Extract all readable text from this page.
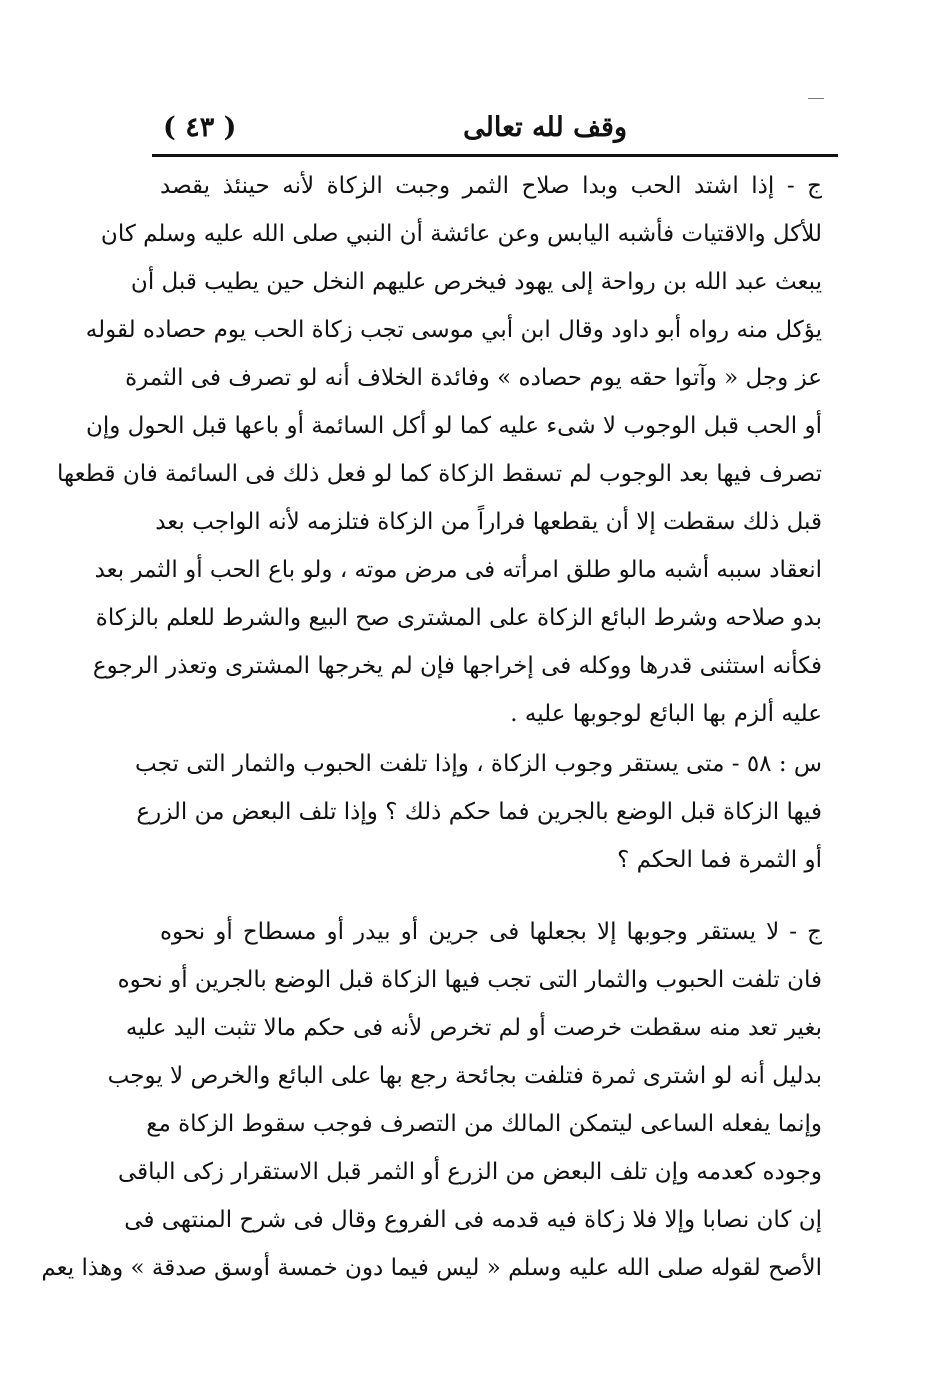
وقف لله تعالى
( ٤٣ )
ج - إذا اشتد الحب وبدا صلاح الثمر وجبت الزكاة لأنه حينئذ يقصد
للأكل والاقتيات فأشبه اليابس وعن عائشة أن النبي صلى الله عليه وسلم كان
يبعث عبد الله بن رواحة إلى يهود فيخرص عليهم النخل حين يطيب قبل أن
يؤكل منه رواه أبو داود وقال ابن أبي موسى تجب زكاة الحب يوم حصاده لقوله
عز وجل « وآتوا حقه يوم حصاده » وفائدة الخلاف أنه لو تصرف فى الثمرة
أو الحب قبل الوجوب لا شىء عليه كما لو أكل السائمة أو باعها قبل الحول وإن
تصرف فيها بعد الوجوب لم تسقط الزكاة كما لو فعل ذلك فى السائمة فان قطعها
قبل ذلك سقطت إلا أن يقطعها فراراً من الزكاة فتلزمه لأنه الواجب بعد
انعقاد سببه أشبه مالو طلق امرأته فى مرض موته ، ولو باع الحب أو الثمر بعد
بدو صلاحه وشرط البائع الزكاة على المشترى صح البيع والشرط للعلم بالزكاة
فكأنه استثنى قدرها ووكله فى إخراجها فإن لم يخرجها المشترى وتعذر الرجوع
عليه ألزم بها البائع لوجوبها عليه .
س : ٥٨ - متى يستقر وجوب الزكاة ، وإذا تلفت الحبوب والثمار التى تجب
فيها الزكاة قبل الوضع بالجرين فما حكم ذلك ؟ وإذا تلف البعض من الزرع
أو الثمرة فما الحكم ؟
ج - لا يستقر وجوبها إلا بجعلها فى جرين أو بيدر أو مسطاح أو نحوه
فان تلفت الحبوب والثمار التى تجب فيها الزكاة قبل الوضع بالجرين أو نحوه
بغير تعد منه سقطت خرصت أو لم تخرص لأنه فى حكم مالا تثبت اليد عليه
بدليل أنه لو اشترى ثمرة فتلفت بجائحة رجع بها على البائع والخرص لا يوجب
وإنما يفعله الساعى ليتمكن المالك من التصرف فوجب سقوط الزكاة مع
وجوده كعدمه وإن تلف البعض من الزرع أو الثمر قبل الاستقرار زكى الباقى
إن كان نصابا وإلا فلا زكاة فيه قدمه فى الفروع وقال فى شرح المنتهى فى
الأصح لقوله صلى الله عليه وسلم « ليس فيما دون خمسة أوسق صدقة » وهذا يعم
